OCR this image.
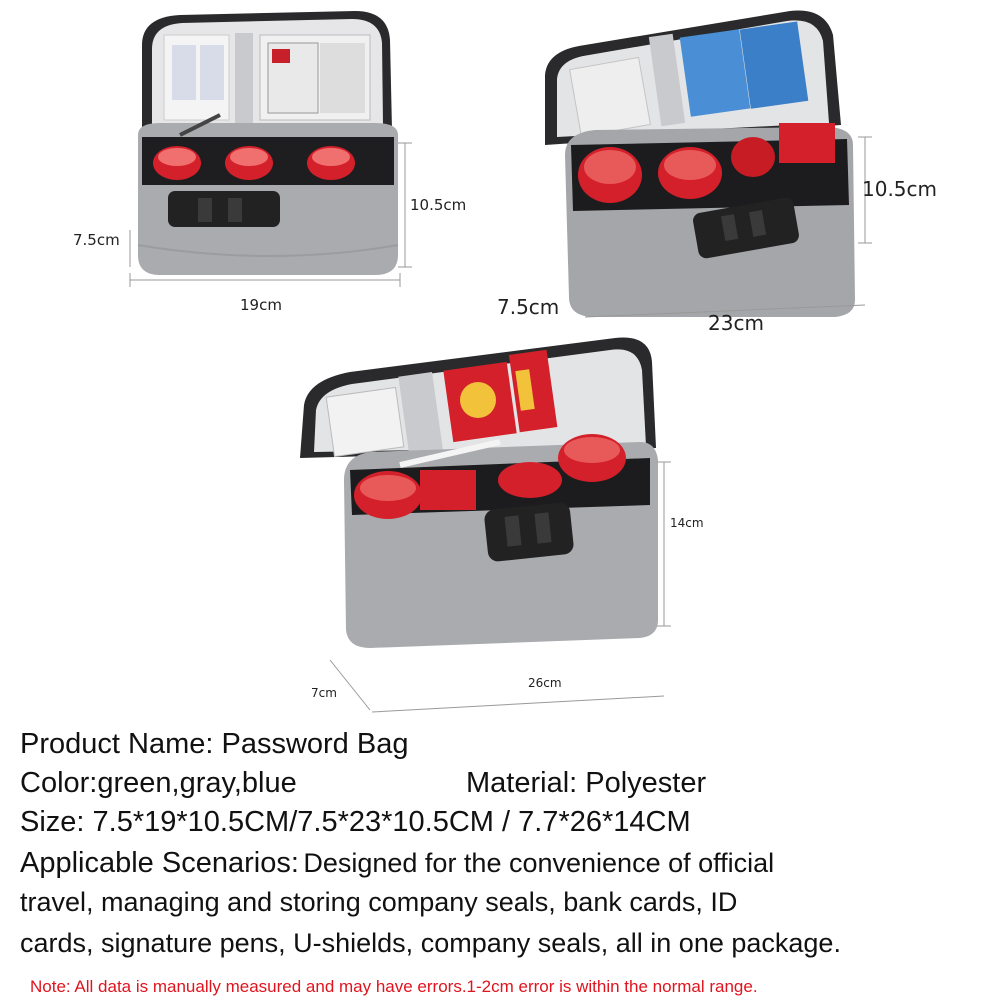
19cm
7.5cm
10.5cm
23cm
7.5cm
10.5cm
26cm
7cm
14cm
Product Name: Password Bag
Color:green,gray,blue	Material: Polyester
Size: 7.5*19*10.5CM/7.5*23*10.5CM / 7.7*26*14CM
Applicable Scenarios: Designed for the convenience of official
travel, managing and storing company seals, bank cards, ID
cards, signature pens, U-shields, company seals, all in one package.
Note: All data is manually measured and may have errors.1-2cm error is within the normal range.
